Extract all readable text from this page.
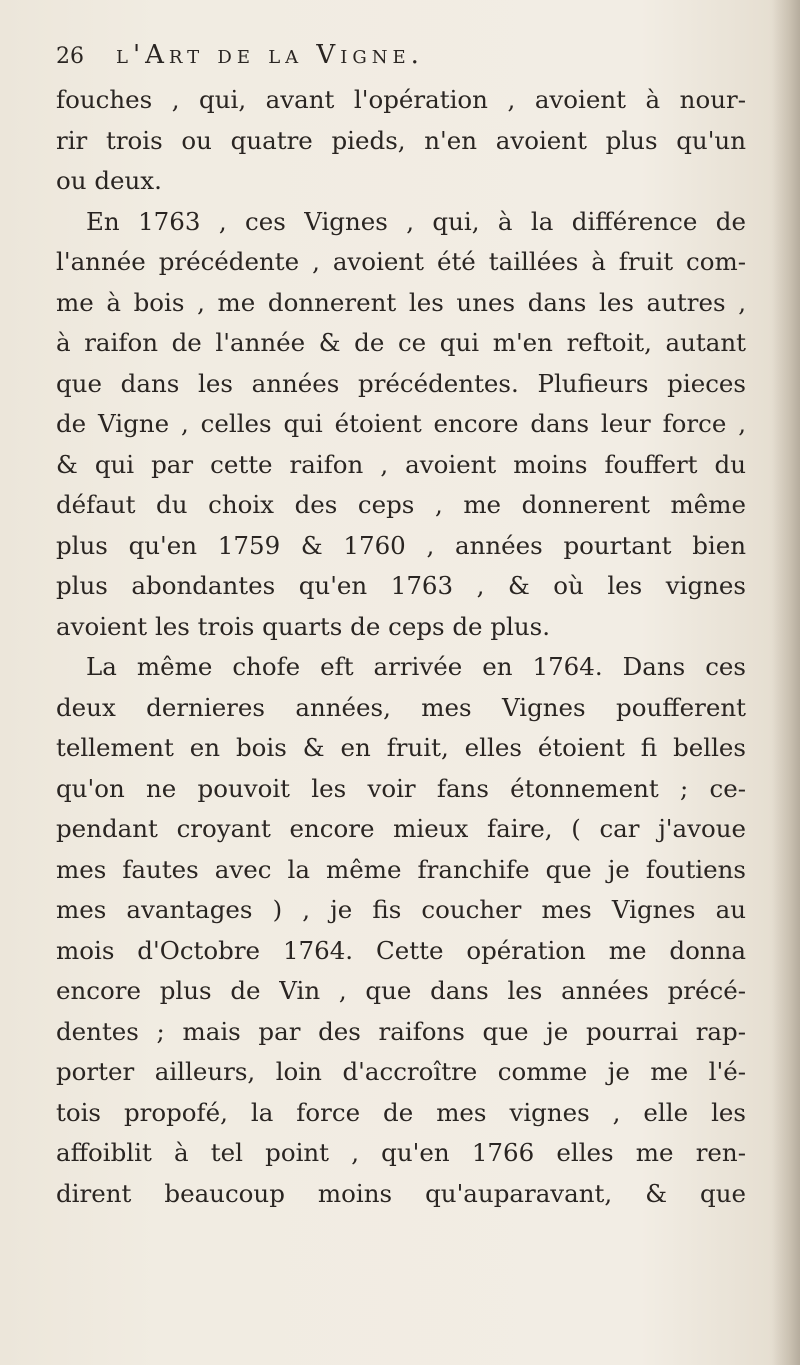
26 l'Art de la Vigne.
fouches , qui, avant l'opération , avoient à nour-
rir trois ou quatre pieds, n'en avoient plus qu'un
ou deux.
En 1763 , ces Vignes , qui, à la différence de
l'année précédente , avoient été taillées à fruit com-
me à bois , me donnerent les unes dans les autres ,
à raifon de l'année & de ce qui m'en reftoit, autant
que dans les années précédentes. Plufieurs pieces
de Vigne , celles qui étoient encore dans leur force ,
& qui par cette raifon , avoient moins fouffert du
défaut du choix des ceps , me donnerent même
plus qu'en 1759 & 1760 , années pourtant bien
plus abondantes qu'en 1763 , & où les vignes
avoient les trois quarts de ceps de plus.
La même chofe eft arrivée en 1764. Dans ces
deux dernieres années, mes Vignes poufferent
tellement en bois & en fruit, elles étoient fi belles
qu'on ne pouvoit les voir fans étonnement ; ce-
pendant croyant encore mieux faire, ( car j'avoue
mes fautes avec la même franchife que je foutiens
mes avantages ) , je fis coucher mes Vignes au
mois d'Octobre 1764. Cette opération me donna
encore plus de Vin , que dans les années précé-
dentes ; mais par des raifons que je pourrai rap-
porter ailleurs, loin d'accroître comme je me l'é-
tois propofé, la force de mes vignes , elle les
affoiblit à tel point , qu'en 1766 elles me ren-
dirent beaucoup moins qu'auparavant, & que
